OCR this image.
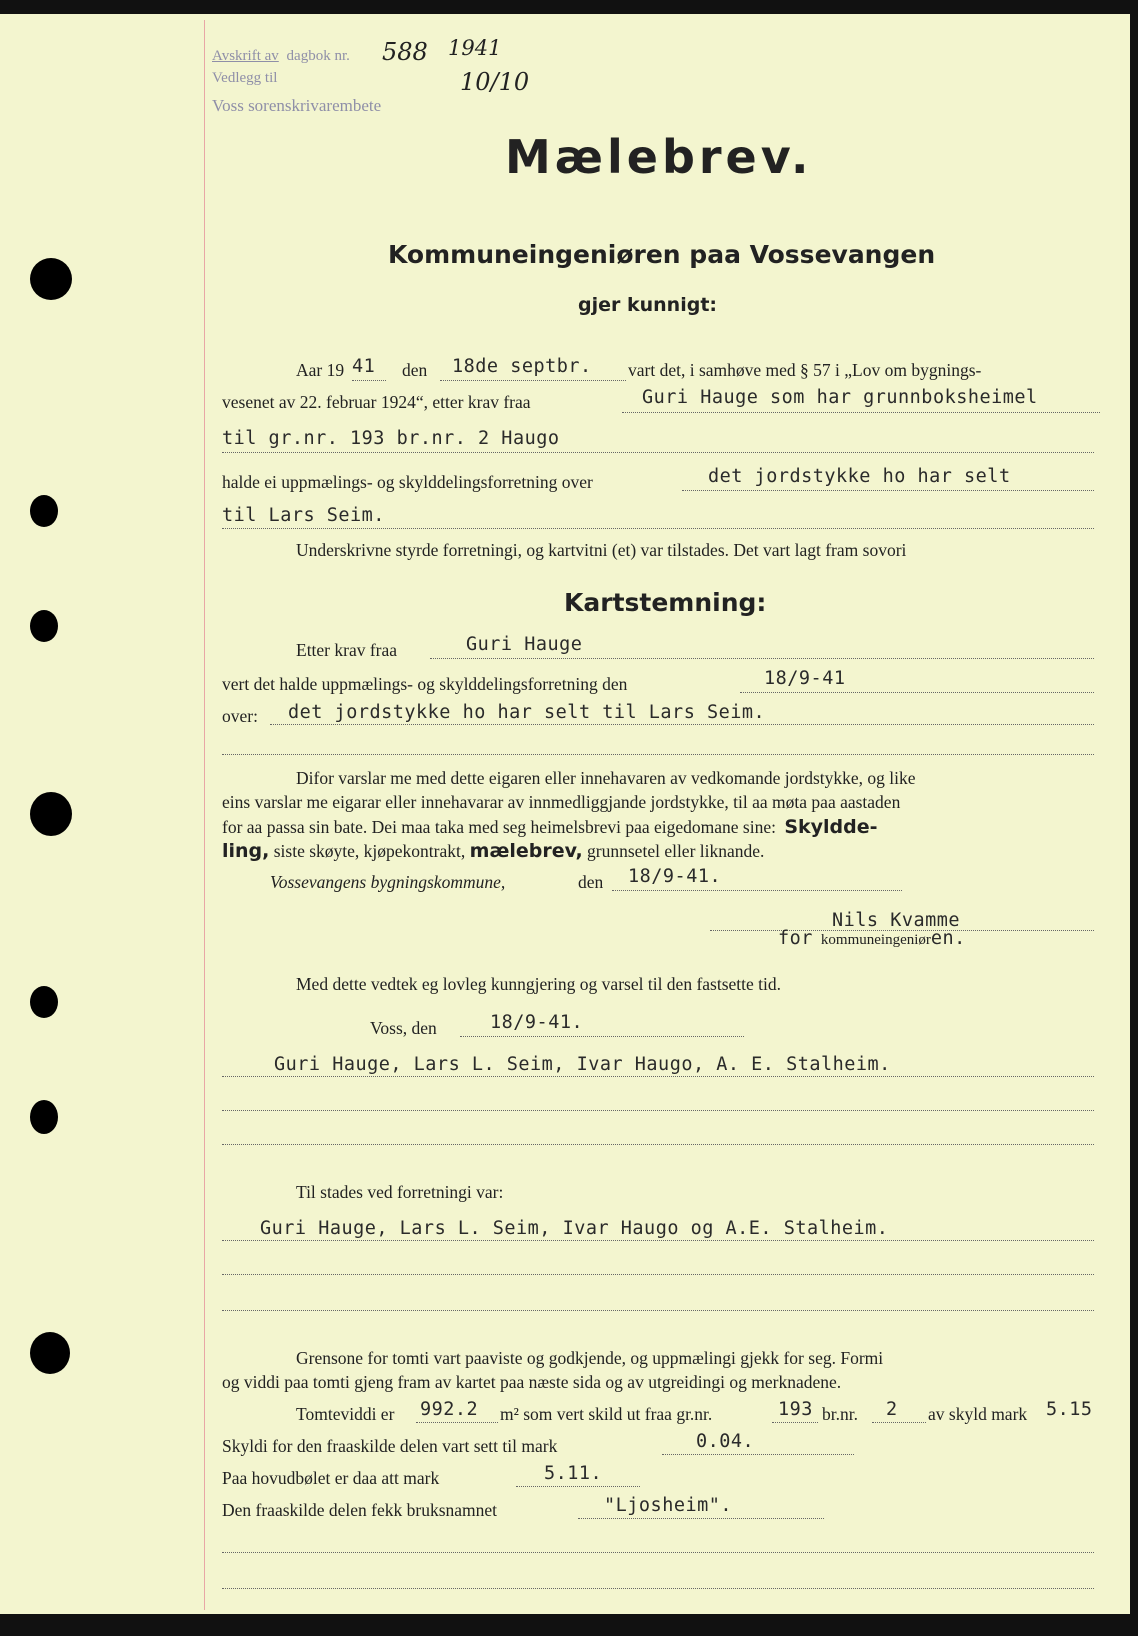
Avskrift av dagbok nr. 588 1941
Vedlegg til	10/10
Voss sorenskrivarembete
Mælebrev.
Kommuneingeniøren paa Vossevangen
gjer kunnigt:
Aar 19 41 den 18de septbr. vart det, i samhøve med § 57 i „Lov om bygnings-
vesenet av 22. februar 1924“, etter krav fraa	Guri Hauge som har grunnboksheimel
til gr.nr. 193 br.nr. 2 Haugo
halde ei uppmælings- og skylddelingsforretning over	det jordstykke ho har selt
til Lars Seim.
Underskrivne styrde forretningi, og kartvitni (et) var tilstades. Det vart lagt fram sovori
Kartstemning:
Etter krav fraa	Guri Hauge
vert det halde uppmælings- og skylddelingsforretning den	18/9-41
over: det jordstykke ho har selt til Lars Seim.
Difor varslar me med dette eigaren eller innehavaren av vedkomande jordstykke, og like
eins varslar me eigarar eller innehavarar av innmedliggjande jordstykke, til aa møta paa aastaden
for aa passa sin bate. Dei maa taka med seg heimelsbrevi paa eigedomane sine: Skyldde-
ling, siste skøyte, kjøpekontrakt, mælebrev, grunnsetel eller liknande.
Vossevangens bygningskommune,	den 18/9-41.
Nils Kvamme
for kommuneingeniøren.
Med dette vedtek eg lovleg kunngjering og varsel til den fastsette tid.
Voss, den	18/9-41.
Guri Hauge, Lars L. Seim, Ivar Haugo, A. E. Stalheim.
Til stades ved forretningi var:
Guri Hauge, Lars L. Seim, Ivar Haugo og A.E. Stalheim.
Grensone for tomti vart paaviste og godkjende, og uppmælingi gjekk for seg. Formi
og viddi paa tomti gjeng fram av kartet paa næste sida og av utgreidingi og merknadene.
Tomteviddi er 992.2 m² som vert skild ut fraa gr.nr.	193 br.nr. 2 av skyld mark 5.15
Skyldi for den fraaskilde delen vart sett til mark	0.04.
Paa hovudbølet er daa att mark	5.11.
Den fraaskilde delen fekk bruksnamnet	"Ljosheim".
